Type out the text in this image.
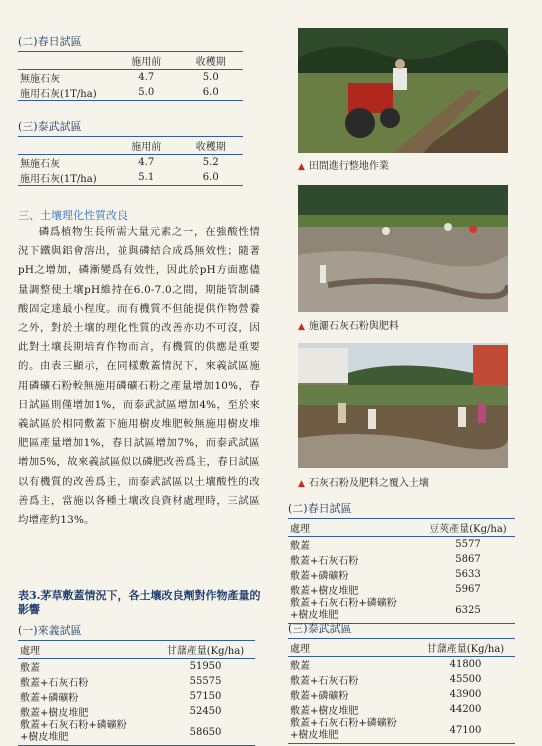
(二)春日試區
	施用前	收穫期
無施石灰	4.7	5.0
施用石灰(1T/ha)	5.0	6.0
(三)泰武試區
	施用前	收穫期
無施石灰	4.7	5.2
施用石灰(1T/ha)	5.1	6.0
三、土壤理化性質改良
磷爲植物生長所需大量元素之一，在強酸性情況下鐵與鋁會溶出，並與磷結合成爲無效性；隨著pH之增加，磷漸變爲有效性，因此於pH方面應儘量調整使土壤pH維持在6.0-7.0之間，期能管制磷酸固定達最小程度。而有機質不但能提供作物營養之外，對於土壤的理化性質的改善亦功不可沒，因此對土壤長期培育作物而言，有機質的供應是重要的。由表三顯示，在同樣敷蓋情況下，來義試區施用磷礦石粉較無施用磷礦石粉之產量增加10%，春日試區則僅增加1%，而泰武試區增加4%，至於來義試區於相同敷蓋下施用樹皮堆肥較無施用樹皮堆肥區產量增加1%，春日試區增加7%，而泰武試區增加5%，故來義試區似以磷肥改善爲主，春日試區以有機質的改善爲主，而泰武試區以土壤酸性的改善爲主，當施以各種土壤改良資材處理時，三試區均增產約13%。
表3.茅草敷蓋情況下，各土壤改良劑對作物產量的影響
(一)來義試區
處理	甘藷產量(Kg/ha)
敷蓋	51950
敷蓋+石灰石粉	55575
敷蓋+磷礦粉	57150
敷蓋+樹皮堆肥	52450
敷蓋+石灰石粉+磷礦粉
+樹皮堆肥	58650
▲ 田間進行整地作業
▲ 施灑石灰石粉與肥料
▲ 石灰石粉及肥料之覆入土壤
(二)春日試區
處理	豆莢產量(Kg/ha)
敷蓋	5577
敷蓋+石灰石粉	5867
敷蓋+磷礦粉	5633
敷蓋+樹皮堆肥	5967
敷蓋+石灰石粉+磷礦粉
+樹皮堆肥	6325
(三)泰武試區
處理	甘藷產量(Kg/ha)
敷蓋	41800
敷蓋+石灰石粉	45500
敷蓋+磷礦粉	43900
敷蓋+樹皮堆肥	44200
敷蓋+石灰石粉+磷礦粉
+樹皮堆肥	47100
